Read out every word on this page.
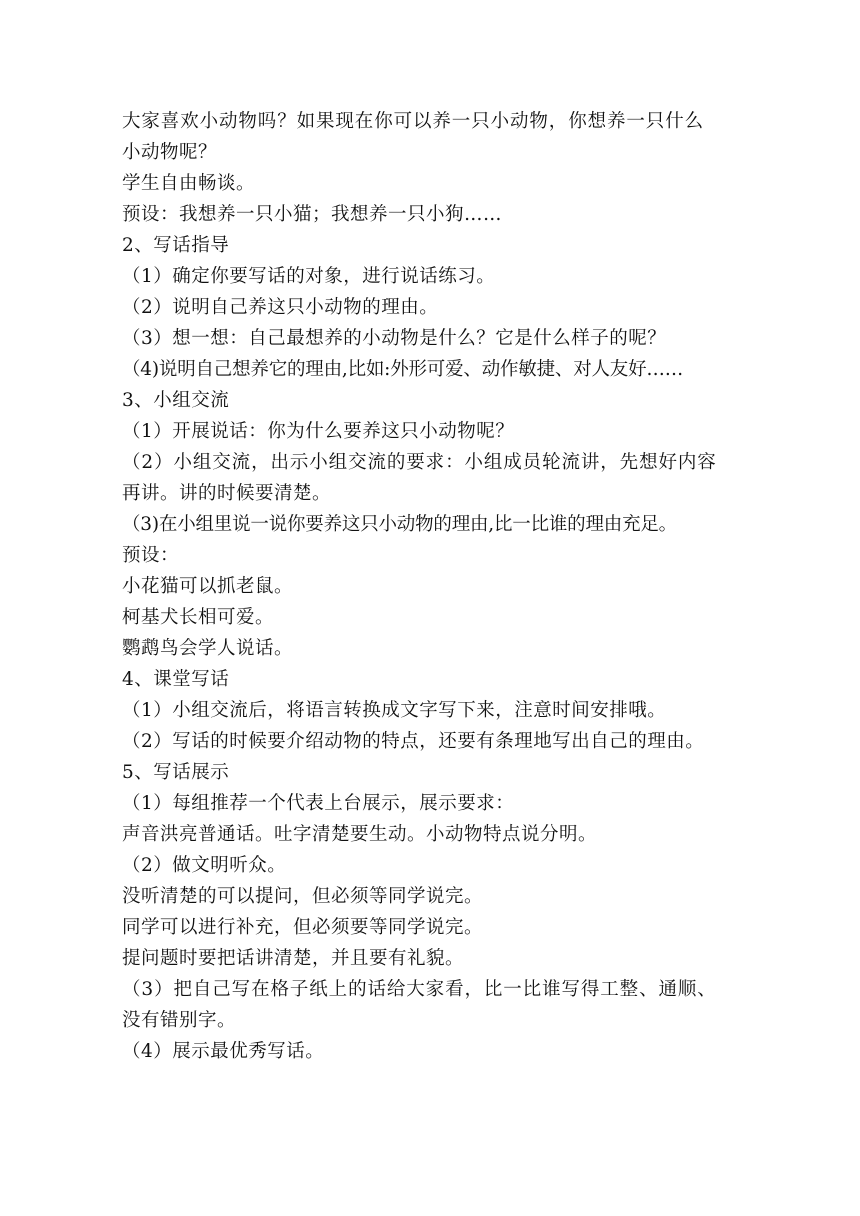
大家喜欢小动物吗？如果现在你可以养一只小动物，你想养一只什么
小动物呢？
学生自由畅谈。
预设：我想养一只小猫；我想养一只小狗……
2、写话指导
（1）确定你要写话的对象，进行说话练习。
（2）说明自己养这只小动物的理由。
（3）想一想：自己最想养的小动物是什么？它是什么样子的呢？
（4)说明自己想养它的理由,比如:外形可爱、动作敏捷、对人友好……
3、小组交流
（1）开展说话：你为什么要养这只小动物呢？
（2）小组交流，出示小组交流的要求：小组成员轮流讲，先想好内容
再讲。讲的时候要清楚。
（3)在小组里说一说你要养这只小动物的理由,比一比谁的理由充足。
预设：
小花猫可以抓老鼠。
柯基犬长相可爱。
鹦鹉鸟会学人说话。
4、课堂写话
（1）小组交流后，将语言转换成文字写下来，注意时间安排哦。
（2）写话的时候要介绍动物的特点，还要有条理地写出自己的理由。
5、写话展示
（1）每组推荐一个代表上台展示，展示要求：
声音洪亮普通话。吐字清楚要生动。小动物特点说分明。
（2）做文明听众。
没听清楚的可以提问，但必须等同学说完。
同学可以进行补充，但必须要等同学说完。
提问题时要把话讲清楚，并且要有礼貌。
（3）把自己写在格子纸上的话给大家看，比一比谁写得工整、通顺、
没有错别字。
（4）展示最优秀写话。
